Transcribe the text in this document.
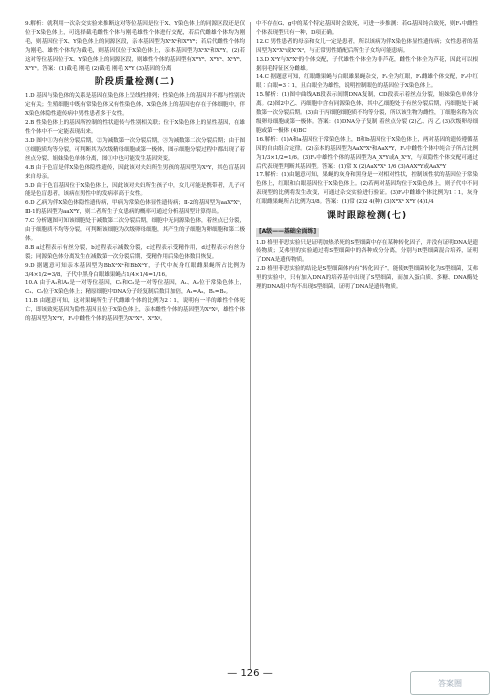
9.解析：就利用一次杂交实验来推断这对等位基因是位于X、Y染色体上的同源区段还是仅位于X染色体上，可选择截毛雌性个体与刚毛雄性个体进行交配，若后代雌雄个体均为刚毛，则基因位于X、Y染色体上的同源区段，亲本基因型为XᵇXᵇ和XᴮYᴮ；若后代雌性个体均为刚毛、雄性个体均为截毛，则基因仅位于X染色体上，亲本基因型为XᵇXᵇ和XᴮY。(2)若这对等位基因位于X、Y染色体上的同源区段，则雄性个体的基因型有XᴮYᴮ、XᴮYᵇ、XᵇYᴮ、XᵇYᵇ。答案：(1)截毛 刚毛 (2)截毛 刚毛 XᴮY (3)基因的分离

阶段质量检测(二)

1.D 基因与染色体的关系是基因在染色体上呈线性排列；性染色体上的基因并不都与性别决定有关；生殖细胞中既有常染色体又有性染色体，X染色体上的基因也存在于体细胞中，伴X染色体隐性遗传病中男性患者多于女性。

2.B 性染色体上的基因所控制的性状遗传与性别相关联；位于X染色体上的显性基因，在雄性个体中不一定能表现出来。

3.D 图中①为有丝分裂后期，②为减数第一次分裂后期，③为减数第二次分裂后期；由于图③细胞质均等分裂，可判断其为次级精母细胞或第一极体，图示细胞分裂过程中都出现了着丝点分裂、姐妹染色单体分离，图①中也可能发生基因突变。

4.B 由于色盲是伴X染色体隐性遗传，因此该对夫妇所生男孩的基因型为XᵇY，其色盲基因来自母亲。

5.D 由于色盲基因位于X染色体上，因此该对夫妇所生孩子中，女儿可能是携带者，儿子可能是色盲患者，该病在男性中的发病率高于女性。

6.D 乙病为伴X染色体隐性遗传病，甲病为常染色体显性遗传病；Ⅱ-2的基因型为aaXᴮXᵇ，Ⅲ-1的基因型为aaXᴮY，则二者所生子女患病的概率可通过分析基因型计算得出。

7.C 分析题图可知该细胞处于减数第二次分裂后期，细胞中无同源染色体，着丝点已分裂，由于细胞质不均等分裂，可判断该细胞为次级卵母细胞，其产生的子细胞为卵细胞和第二极体。

8.B a过程表示有丝分裂，b过程表示减数分裂，c过程表示受精作用，d过程表示有丝分裂；同源染色体分离发生在减数第一次分裂后期，受精作用后染色体数目恢复。

9.D 据题意可知亲本基因型为BbXᴬXᵃ和BbXᴬY，子代中灰身红眼雌果蝇所占比例为3/4×1/2=3/8，子代中黑身白眼雄果蝇占1/4×1/4=1/16。

10.A 由于A₁和A₂是一对等位基因，C₁和C₂是一对等位基因，A₁、A₂位于常染色体上，C₁、C₂位于X染色体上；精原细胞中DNA分子经复制后数目加倍，A₁=A₂，B₁=B₂。

11.B 由题意可知，这对果蝇所生子代雌雄个体的比例为2∶1，说明有一半的雄性个体死亡，即该致死基因为隐性基因且位于X染色体上，亲本雌性个体的基因型为XᴳXᵍ，雄性个体的基因型为XᴳY，F₁中雌性个体的基因型为XᴳXᴳ、XᴳXᵍ。

中不存在G、g中的某个特定基因时会致死，可进一步推测：若G基因纯合致死，则F₁中雌性个体表现型只有一种，D项正确。

12.C 男性患者的母亲和女儿一定是患者，所以该病为伴X染色体显性遗传病；女性患者的基因型为XᴰXᴰ或XᴰXᵈ，与正常男性婚配后所生子女均可能患病。

13.D XᵇY与XᴮXᵇ的个体交配，子代雄性个体全为非芦花，雌性个体全为芦花，因此可以根据羽毛特征区分雌雄。

14.C 据题意可知，红眼雌果蝇与白眼雄果蝇杂交，F₁全为红眼，F₁雌雄个体交配，F₂中红眼∶白眼=3∶1，且白眼全为雄性，说明控制眼色的基因位于X染色体上。

15.解析：(1)图中曲线AB段表示间期DNA复制，CD段表示着丝点分裂，姐妹染色单体分离。(2)图2中乙、丙细胞中含有同源染色体，其中乙细胞处于有丝分裂后期，丙细胞处于减数第一次分裂后期。(3)由于丙细胞细胞质不均等分裂，所以该生物为雌性，丁细胞名称为次级卵母细胞或第一极体。答案：(1)DNA分子复制 着丝点分裂 (2)乙、丙 乙 (3)次级卵母细胞或第一极体 (4)BC

16.解析：(1)A和a基因位于常染色体上，B和b基因位于X染色体上，两对基因的遗传遵循基因的自由组合定律。(2)亲本的基因型为AaXᴮXᵇ和AaXᴮY，F₁中雌性个体中纯合子所占比例为1/3×1/2=1/6。(3)F₁中雄性个体的基因型为A_XᴮY或A_XᵇY，与双隐性个体交配可通过后代表现型判断其基因型。答案：(1)常 X (2)AaXᴮXᵇ 1/6 (3)AAXᴮY或AaXᴮY

17.解析：(1)由题意可知，果蝇的灰身和黑身是一对相对性状，控制该性状的基因位于常染色体上，红眼和白眼基因位于X染色体上。(2)若两对基因均位于X染色体上，则子代中不同表现型的比例将发生改变，可通过杂交实验进行验证。(3)F₂中雌雄个体比例为1∶1，灰身红眼雌果蝇所占比例为3/8。答案：(1)常 (2)2 4(种) (3)XᴮXᵇ XᴮY (4)1/4

课时跟踪检测(七)
[A级——基础全面练]

1.D 格里菲思实验只是证明加热杀死的S型细菌中存在某种转化因子，并没有证明DNA是遗传物质；艾弗里的实验通过将S型细菌中的各种成分分离，分别与R型细菌混合培养，证明了DNA是遗传物质。

2.D 格里菲思实验的结论是S型细菌体内有“转化因子”，能使R型细菌转化为S型细菌，艾弗里的实验中，只有加入DNA的培养基中出现了S型细菌，而加入蛋白质、多糖、DNA酶处理的DNA组中均不出现S型细菌，证明了DNA是遗传物质。

— 126 —
答案圈
